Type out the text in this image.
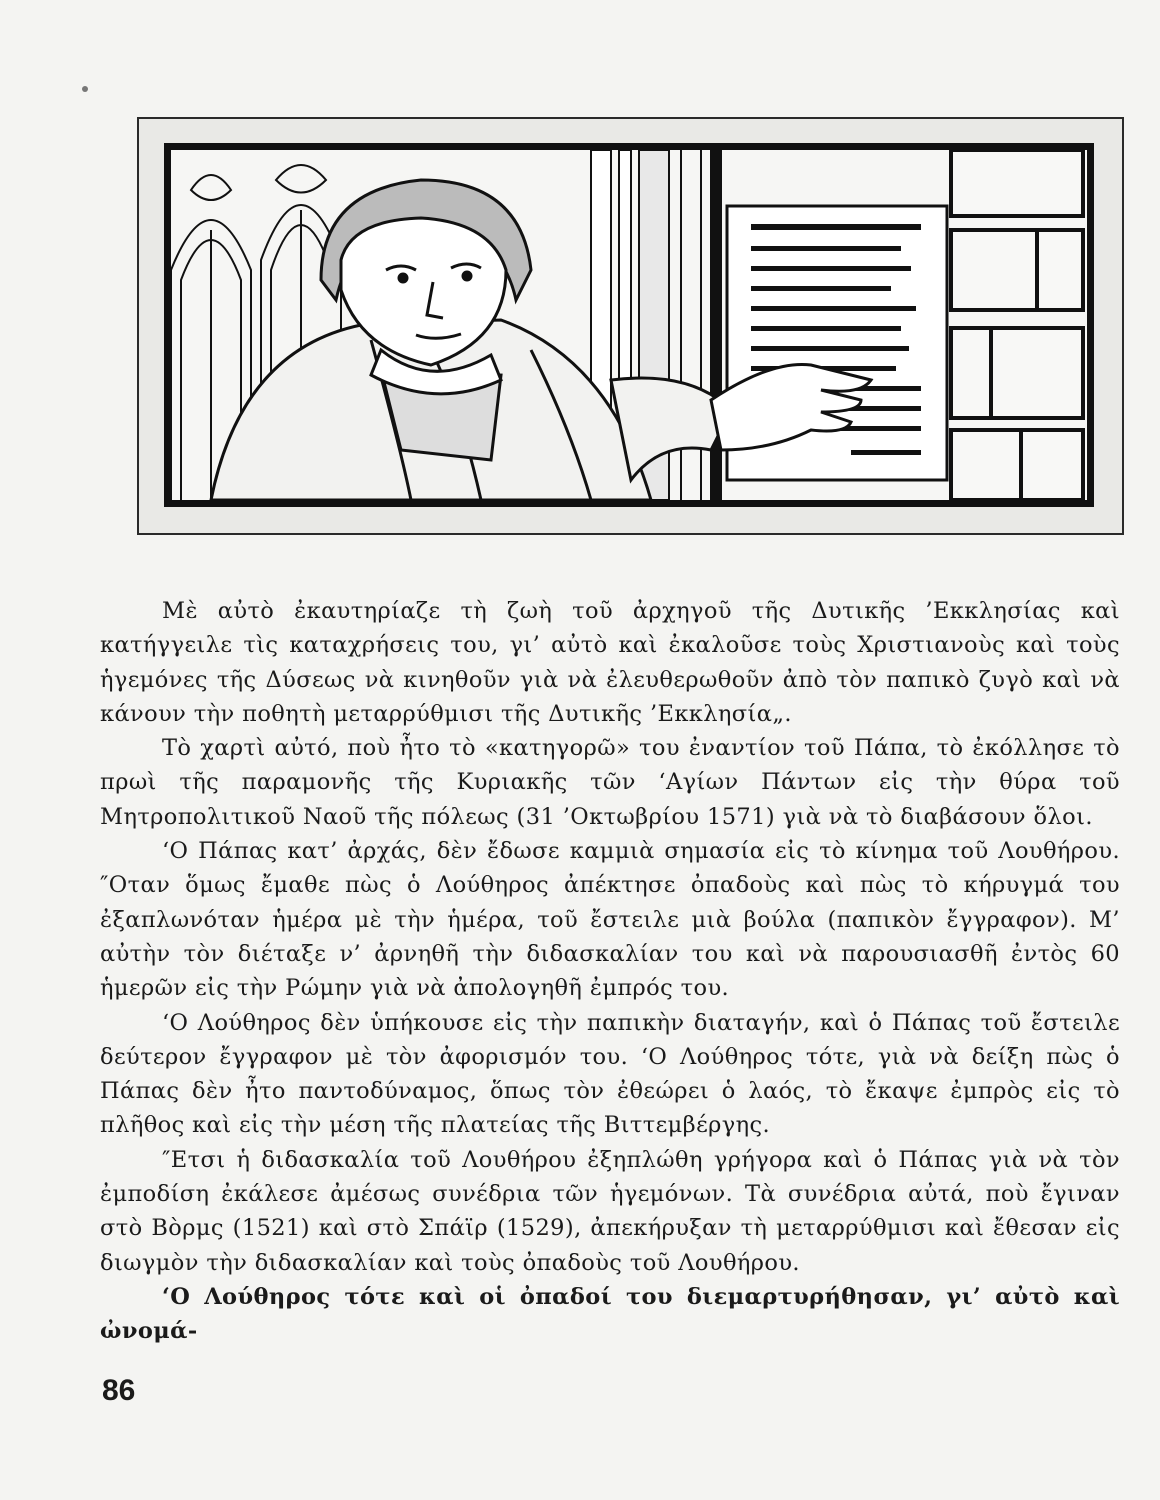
Μὲ αὐτὸ ἐκαυτηρίαζε τὴ ζωὴ τοῦ ἀρχηγοῦ τῆς Δυτικῆς ’Εκκλησίας καὶ κατήγγειλε τὶς καταχρήσεις του, γι’ αὐτὸ καὶ ἐκαλοῦσε τοὺς Χριστιανοὺς καὶ τοὺς ἡγεμόνες τῆς Δύσεως νὰ κινηθοῦν γιὰ νὰ ἐλευθερωθοῦν ἀπὸ τὸν παπικὸ ζυγὸ καὶ νὰ κάνουν τὴν ποθητὴ μεταρρύθμισι τῆς Δυτικῆς ’Εκκλησία„.

Τὸ χαρτὶ αὐτό, ποὺ ἦτο τὸ «κατηγορῶ» του ἐναντίον τοῦ Πάπα, τὸ ἐκόλλησε τὸ πρωὶ τῆς παραμονῆς τῆς Κυριακῆς τῶν ‘Αγίων Πάντων εἰς τὴν θύρα τοῦ Μητροπολιτικοῦ Ναοῦ τῆς πόλεως (31 ’Οκτωβρίου 1571) γιὰ νὰ τὸ διαβάσουν ὅλοι.

‘Ο Πάπας κατ’ ἀρχάς, δὲν ἔδωσε καμμιὰ σημασία εἰς τὸ κίνημα τοῦ Λουθήρου. ″Οταν ὅμως ἔμαθε πὼς ὁ Λούθηρος ἀπέκτησε ὀπαδοὺς καὶ πὼς τὸ κήρυγμά του ἐξαπλωνόταν ἡμέρα μὲ τὴν ἡμέρα, τοῦ ἔστειλε μιὰ βούλα (παπικὸν ἔγγραφον). Μ’ αὐτὴν τὸν διέταξε ν’ ἀρνηθῆ τὴν διδασκαλίαν του καὶ νὰ παρουσιασθῆ ἐντὸς 60 ἡμερῶν εἰς τὴν Ρώμην γιὰ νὰ ἀπολογηθῆ ἐμπρός του.

‘Ο Λούθηρος δὲν ὑπήκουσε εἰς τὴν παπικὴν διαταγήν, καὶ ὁ Πάπας τοῦ ἔστειλε δεύτερον ἔγγραφον μὲ τὸν ἀφορισμόν του. ‘Ο Λούθηρος τότε, γιὰ νὰ δείξη πὼς ὁ Πάπας δὲν ἦτο παντοδύναμος, ὅπως τὸν ἐθεώρει ὁ λαός, τὸ ἔκαψε ἐμπρὸς εἰς τὸ πλῆθος καὶ εἰς τὴν μέση τῆς πλατείας τῆς Βιττεμβέργης.

″Ετσι ἡ διδασκαλία τοῦ Λουθήρου ἐξηπλώθη γρήγορα καὶ ὁ Πάπας γιὰ νὰ τὸν ἐμποδίση ἐκάλεσε ἀμέσως συνέδρια τῶν ἡγεμόνων. Τὰ συνέδρια αὐτά, ποὺ ἔγιναν στὸ Βὸρμς (1521) καὶ στὸ Σπάϊρ (1529), ἀπεκήρυξαν τὴ μεταρρύθμισι καὶ ἔθεσαν εἰς διωγμὸν τὴν διδασκαλίαν καὶ τοὺς ὀπαδοὺς τοῦ Λουθήρου.

‘Ο Λούθηρος τότε καὶ οἱ ὀπαδοί του διεμαρτυρήθησαν, γι’ αὐτὸ καὶ ὠνομά-

86
